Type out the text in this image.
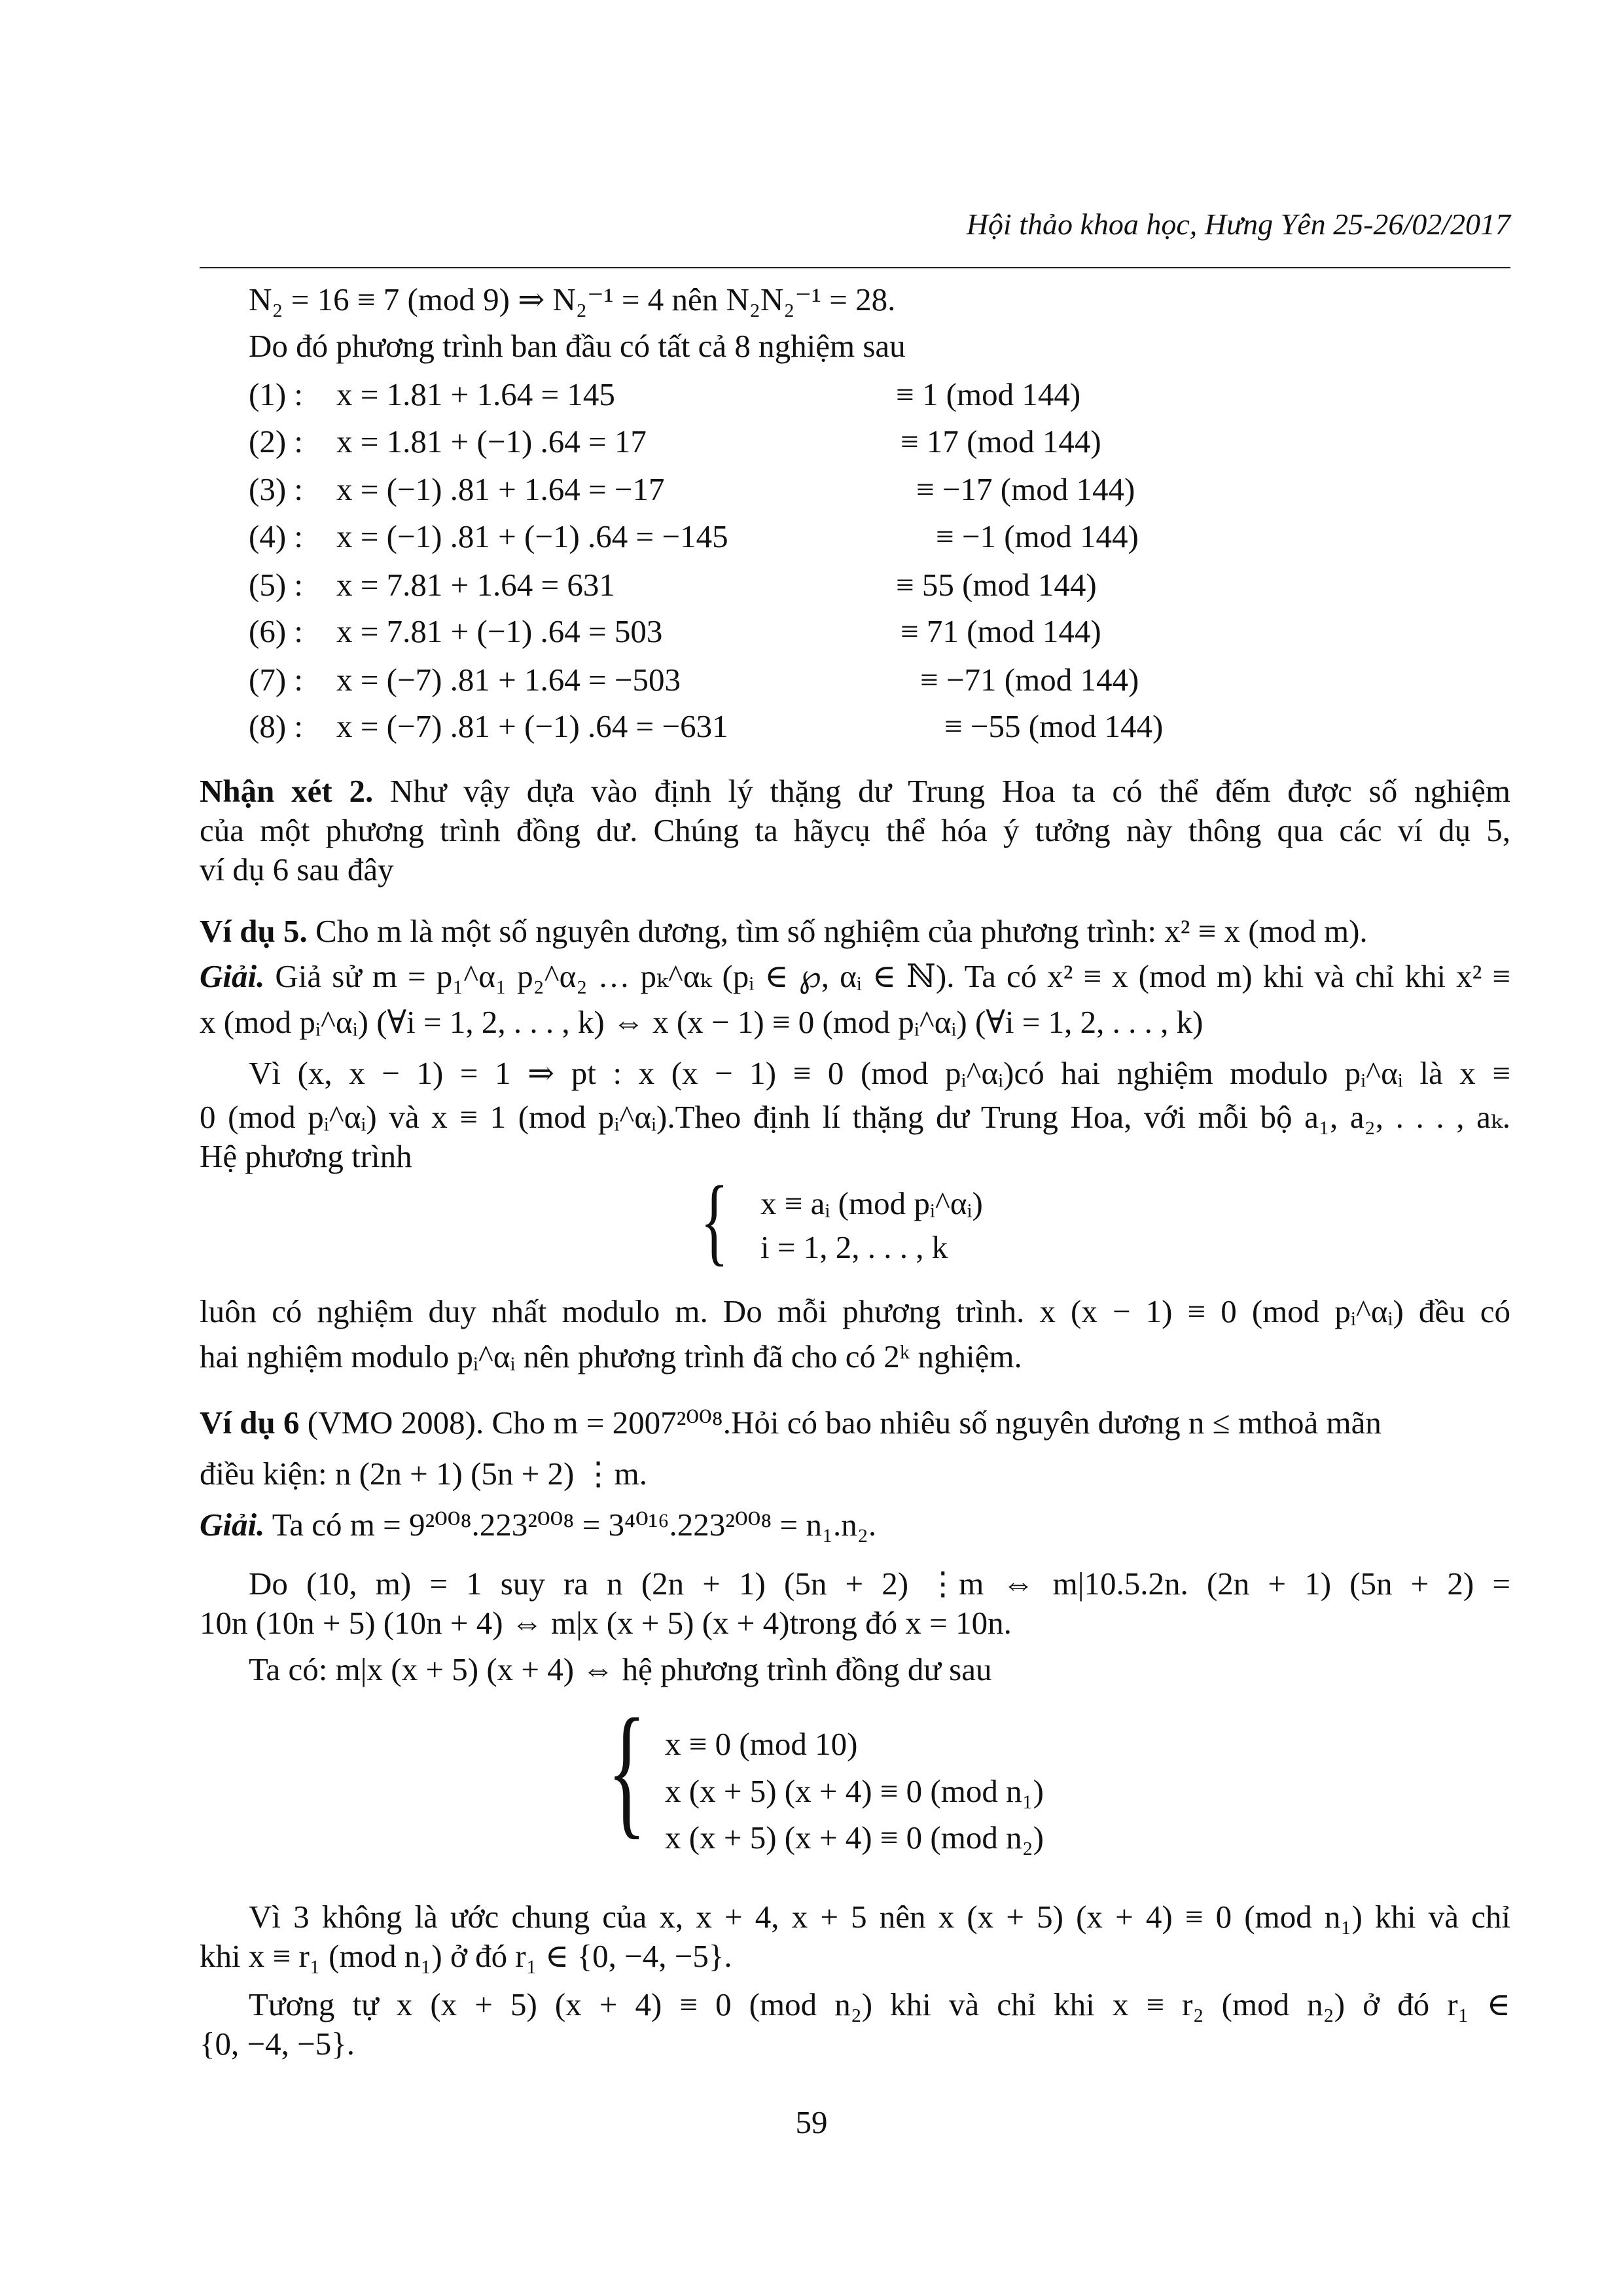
Hội thảo khoa học, Hưng Yên 25-26/02/2017
N₂ = 16 ≡ 7 (mod 9) ⇒ N₂⁻¹ = 4 nên N₂N₂⁻¹ = 28.
Do đó phương trình ban đầu có tất cả 8 nghiệm sau
(1) : x = 1.81 + 1.64 = 145	≡ 1 (mod 144)
(2) : x = 1.81 + (−1) .64 = 17	≡ 17 (mod 144)
(3) : x = (−1) .81 + 1.64 = −17	≡ −17 (mod 144)
(4) : x = (−1) .81 + (−1) .64 = −145	≡ −1 (mod 144)
(5) : x = 7.81 + 1.64 = 631	≡ 55 (mod 144)
(6) : x = 7.81 + (−1) .64 = 503	≡ 71 (mod 144)
(7) : x = (−7) .81 + 1.64 = −503	≡ −71 (mod 144)
(8) : x = (−7) .81 + (−1) .64 = −631	≡ −55 (mod 144)
Nhận xét 2. Như vậy dựa vào định lý thặng dư Trung Hoa ta có thể đếm được số nghiệm
của một phương trình đồng dư. Chúng ta hãycụ thể hóa ý tưởng này thông qua các ví dụ 5,
ví dụ 6 sau đây
Ví dụ 5. Cho m là một số nguyên dương, tìm số nghiệm của phương trình: x² ≡ x (mod m).
Giải. Giả sử m = p₁^α₁ p₂^α₂ … pₖ^αₖ (pᵢ ∈ ℘, αᵢ ∈ ℕ). Ta có x² ≡ x (mod m) khi và chỉ khi x² ≡
x (mod pᵢ^αᵢ) (∀i = 1, 2, . . . , k) ⇔ x (x − 1) ≡ 0 (mod pᵢ^αᵢ) (∀i = 1, 2, . . . , k)
Vì (x, x − 1) = 1 ⇒ pt : x (x − 1) ≡ 0 (mod pᵢ^αᵢ)có hai nghiệm modulo pᵢ^αᵢ là x ≡
0 (mod pᵢ^αᵢ) và x ≡ 1 (mod pᵢ^αᵢ).Theo định lí thặng dư Trung Hoa, với mỗi bộ a₁, a₂, . . . , aₖ.
Hệ phương trình
{ x ≡ aᵢ (mod pᵢ^αᵢ)
i = 1, 2, . . . , k
luôn có nghiệm duy nhất modulo m. Do mỗi phương trình. x (x − 1) ≡ 0 (mod pᵢ^αᵢ) đều có
hai nghiệm modulo pᵢ^αᵢ nên phương trình đã cho có 2ᵏ nghiệm.
Ví dụ 6 (VMO 2008). Cho m = 2007²⁰⁰⁸.Hỏi có bao nhiêu số nguyên dương n ≤ mthoả mãn
điều kiện: n (2n + 1) (5n + 2) ⋮m.
Giải. Ta có m = 9²⁰⁰⁸.223²⁰⁰⁸ = 3⁴⁰¹⁶.223²⁰⁰⁸ = n₁.n₂.
Do (10, m) = 1 suy ra n (2n + 1) (5n + 2) ⋮m ⇔ m|10.5.2n. (2n + 1) (5n + 2) =
10n (10n + 5) (10n + 4) ⇔ m|x (x + 5) (x + 4)trong đó x = 10n.
Ta có: m|x (x + 5) (x + 4) ⇔ hệ phương trình đồng dư sau
{ x ≡ 0 (mod 10)
x (x + 5) (x + 4) ≡ 0 (mod n₁)
x (x + 5) (x + 4) ≡ 0 (mod n₂)
Vì 3 không là ước chung của x, x + 4, x + 5 nên x (x + 5) (x + 4) ≡ 0 (mod n₁) khi và chỉ
khi x ≡ r₁ (mod n₁) ở đó r₁ ∈ {0, −4, −5}.
Tương tự x (x + 5) (x + 4) ≡ 0 (mod n₂) khi và chỉ khi x ≡ r₂ (mod n₂) ở đó r₁ ∈
{0, −4, −5}.
59
